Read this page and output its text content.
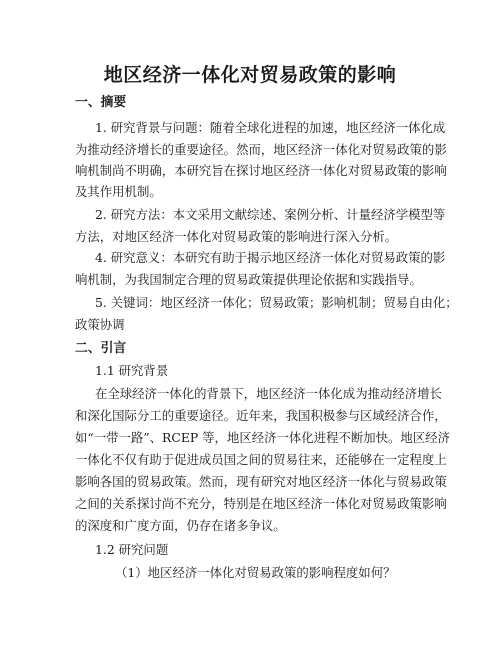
地区经济一体化对贸易政策的影响
一、摘要
1. 研究背景与问题：随着全球化进程的加速，地区经济一体化成
为推动经济增长的重要途径。然而，地区经济一体化对贸易政策的影
响机制尚不明确，本研究旨在探讨地区经济一体化对贸易政策的影响
及其作用机制。
2. 研究方法：本文采用文献综述、案例分析、计量经济学模型等
方法，对地区经济一体化对贸易政策的影响进行深入分析。
4. 研究意义：本研究有助于揭示地区经济一体化对贸易政策的影
响机制，为我国制定合理的贸易政策提供理论依据和实践指导。
5. 关键词：地区经济一体化；贸易政策；影响机制；贸易自由化；
政策协调
二、引言
1.1 研究背景
在全球经济一体化的背景下，地区经济一体化成为推动经济增长
和深化国际分工的重要途径。近年来，我国积极参与区域经济合作，
如“一带一路”、RCEP 等，地区经济一体化进程不断加快。地区经济
一体化不仅有助于促进成员国之间的贸易往来，还能够在一定程度上
影响各国的贸易政策。然而，现有研究对地区经济一体化与贸易政策
之间的关系探讨尚不充分，特别是在地区经济一体化对贸易政策影响
的深度和广度方面，仍存在诸多争议。
1.2 研究问题
（1）地区经济一体化对贸易政策的影响程度如何？
